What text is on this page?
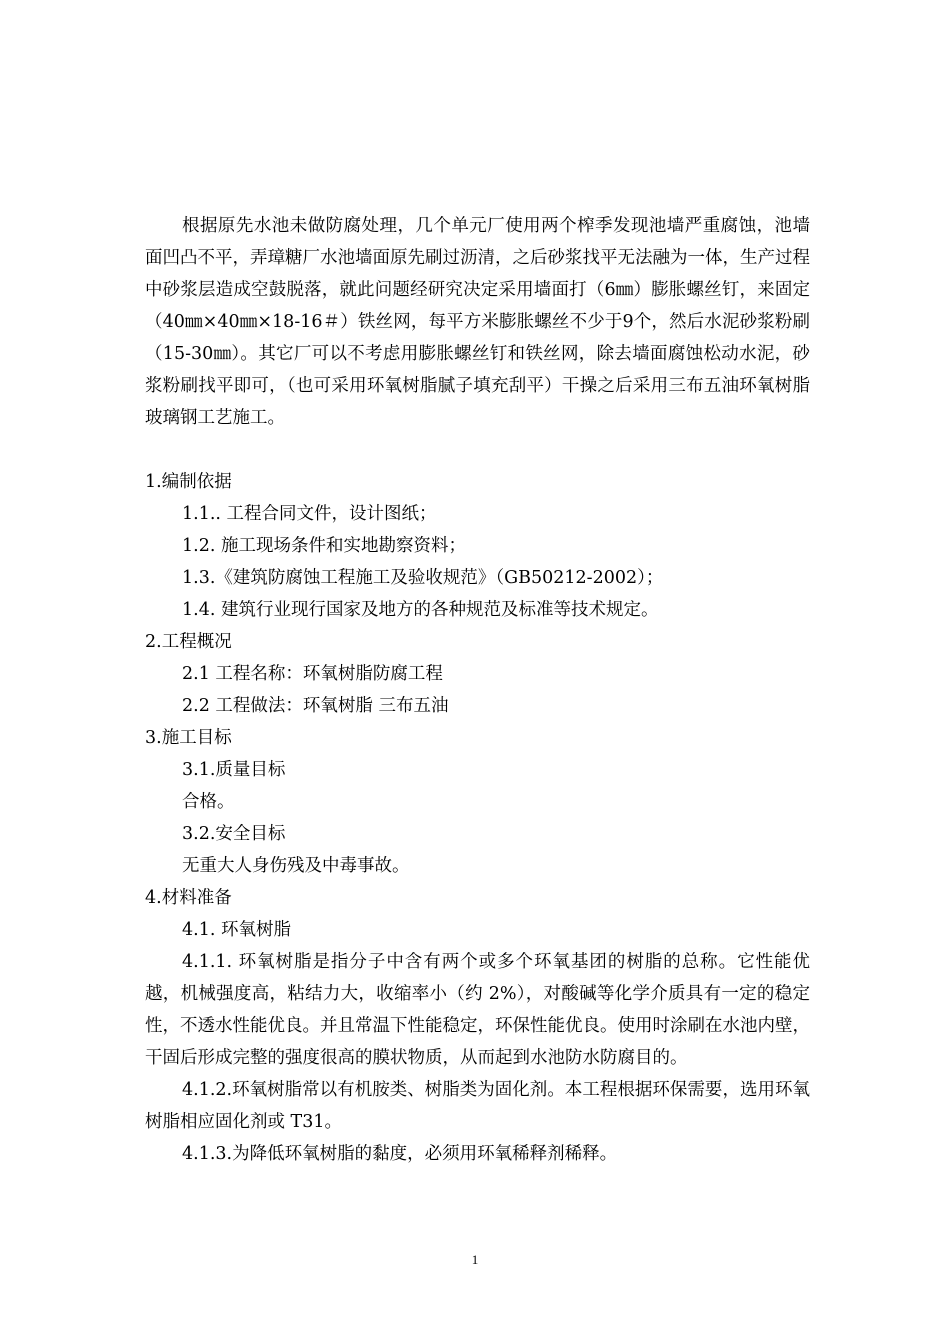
根据原先水池未做防腐处理，几个单元厂使用两个榨季发现池墙严重腐蚀，池墙面凹凸不平，弄璋糖厂水池墙面原先刷过沥清，之后砂浆找平无法融为一体，生产过程中砂浆层造成空鼓脱落，就此问题经研究决定采用墙面打（6㎜）膨胀螺丝钉，来固定（40㎜×40㎜×18-16＃）铁丝网，每平方米膨胀螺丝不少于9个，然后水泥砂浆粉刷（15-30㎜）。其它厂可以不考虑用膨胀螺丝钉和铁丝网，除去墙面腐蚀松动水泥，砂浆粉刷找平即可，（也可采用环氧树脂腻子填充刮平）干操之后采用三布五油环氧树脂玻璃钢工艺施工。

1.编制依据

1.1.. 工程合同文件，设计图纸；

1.2. 施工现场条件和实地勘察资料；

1.3.《建筑防腐蚀工程施工及验收规范》（GB50212-2002）；

1.4. 建筑行业现行国家及地方的各种规范及标准等技术规定。

2.工程概况

2.1 工程名称：环氧树脂防腐工程

2.2 工程做法：环氧树脂 三布五油

3.施工目标

3.1.质量目标

合格。

3.2.安全目标

无重大人身伤残及中毒事故。

4.材料准备

4.1. 环氧树脂

4.1.1. 环氧树脂是指分子中含有两个或多个环氧基团的树脂的总称。它性能优越，机械强度高，粘结力大，收缩率小（约 2%），对酸碱等化学介质具有一定的稳定性，不透水性能优良。并且常温下性能稳定，环保性能优良。使用时涂刷在水池内壁，干固后形成完整的强度很高的膜状物质，从而起到水池防水防腐目的。

4.1.2.环氧树脂常以有机胺类、树脂类为固化剂。本工程根据环保需要，选用环氧树脂相应固化剂或 T31。

4.1.3.为降低环氧树脂的黏度，必须用环氧稀释剂稀释。

1
